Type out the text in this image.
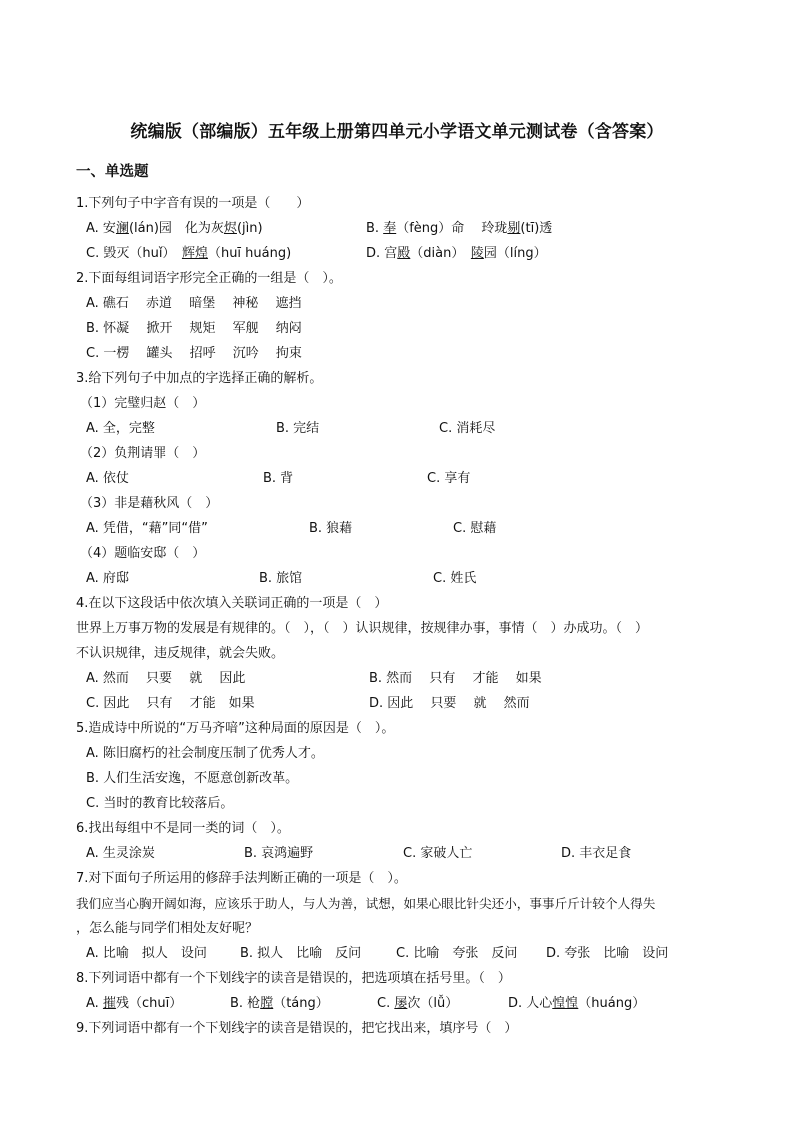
统编版（部编版）五年级上册第四单元小学语文单元测试卷（含答案）
一、单选题
1.下列句子中字音有误的一项是（　　）
A. 安澜(lán)园　化为灰烬(jìn)	B. 奉（fèng）命　 玲珑剔(tī)透
C. 毁灭（huǐ）　辉煌（huī huáng)	D. 宫殿（diàn）　陵园（líng）
2.下面每组词语字形完全正确的一组是（　）。
A. 礁石　 赤道　 暗堡　 神秘　 遮挡
B. 怀凝　 掀开　 规矩　 军舰　 纳闷
C. 一楞　 罐头　 招呼　 沉吟　 拘束
3.给下列句子中加点的字选择正确的解析。
（1）完璧归赵（　）
A. 全，完整	B. 完结	C. 消耗尽
（2）负荆请罪（　）
A. 依仗	B. 背	C. 享有
（3）非是藉秋风（　）
A. 凭借，“藉”同“借”	B. 狼藉	C. 慰藉
（4）题临安邸（　）
A. 府邸	B. 旅馆	C. 姓氏
4.在以下这段话中依次填入关联词正确的一项是（　）
世界上万事万物的发展是有规律的。（　），（　）认识规律，按规律办事，事情（　）办成功。（　）
不认识规律，违反规律，就会失败。
A. 然而　 只要　 就　 因此	B. 然而　 只有　 才能　 如果
C. 因此　 只有　 才能　如果	D. 因此　 只要　 就　 然而
5.造成诗中所说的“万马齐喑”这种局面的原因是（　）。
A. 陈旧腐朽的社会制度压制了优秀人才。
B. 人们生活安逸，不愿意创新改革。
C. 当时的教育比较落后。
6.找出每组中不是同一类的词（　）。
A. 生灵涂炭	B. 哀鸿遍野	C. 家破人亡	D. 丰衣足食
7.对下面句子所运用的修辞手法判断正确的一项是（　）。
我们应当心胸开阔如海，应该乐于助人，与人为善，试想，如果心眼比针尖还小，事事斤斤计较个人得失
，怎么能与同学们相处友好呢？
A. 比喻　拟人　设问	B. 拟人　比喻　反问	C. 比喻　夸张　反问 D. 夸张　比喻　设问
8.下列词语中都有一个下划线字的读音是错误的，把选项填在括号里。（　）
A. 摧残（chuī）	B. 枪膛（táng）	C. 屡次（lǚ）	D. 人心惶惶（huáng）
9.下列词语中都有一个下划线字的读音是错误的，把它找出来，填序号（　）
